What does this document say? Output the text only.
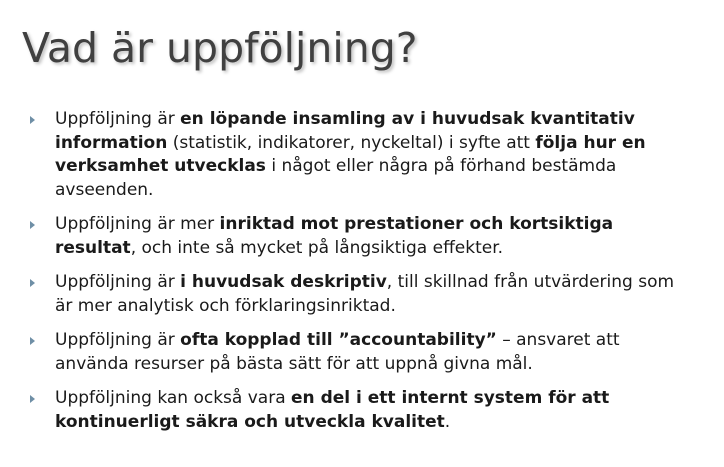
Vad är uppföljning?
Uppföljning är en löpande insamling av i huvudsak kvantitativ information (statistik, indikatorer, nyckeltal) i syfte att följa hur en verksamhet utvecklas i något eller några på förhand bestämda avseenden.
Uppföljning är mer inriktad mot prestationer och kortsiktiga resultat, och inte så mycket på långsiktiga effekter.
Uppföljning är i huvudsak deskriptiv, till skillnad från utvärdering som är mer analytisk och förklaringsinriktad.
Uppföljning är ofta kopplad till ”accountability” – ansvaret att använda resurser på bästa sätt för att uppnå givna mål.
Uppföljning kan också vara en del i ett internt system för att kontinuerligt säkra och utveckla kvalitet.
